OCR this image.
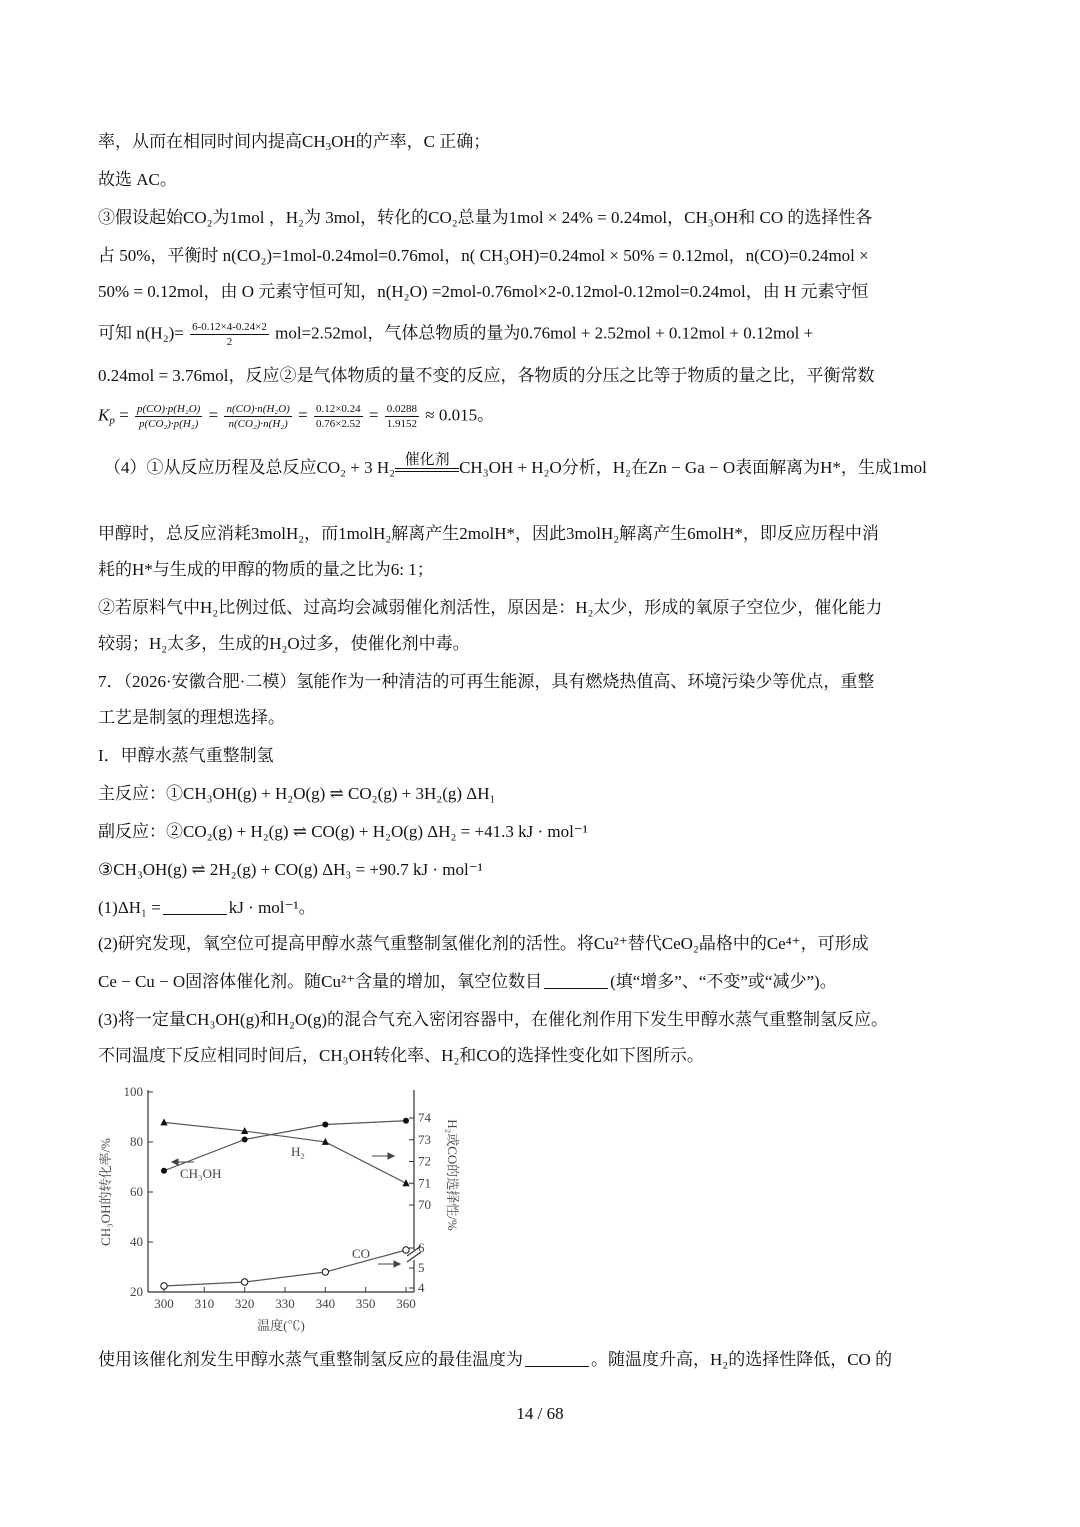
率，从而在相同时间内提高$CH_3OH$的产率，C 正确；
故选 AC。
③假设起始CO₂为1mol ，H₂为 3mol，转化的CO₂总量为1mol × 24% = 0.24mol，CH₃OH和 CO 的选择性各
占 50%，平衡时 n(CO₂)=1mol-0.24mol=0.76mol，n( CH₃OH)=0.24mol × 50% = 0.12mol，n(CO)=0.24mol ×
50% = 0.12mol，由 O 元素守恒可知，n(H₂O) =2mol-0.76mol×2-0.12mol-0.12mol=0.24mol，由 H 元素守恒
可知 $n(H_2)= \frac{6-0.12\times 4-0.24\times 2}{2} mol=2.52mol$，气体总物质的量为0.76mol + 2.52mol + 0.12mol + 0.12mol +
0.24mol = 3.76mol，反应②是气体物质的量不变的反应，各物质的分压之比等于物质的量之比，平衡常数
$K_p = \frac{\text{p(CO)·p(H₂O)}}{\text{p(CO₂)·p(H₂)}} = \frac{\text{n(CO)·n(H₂O)}}{\text{n(CO₂)·n(H₂)}} = \frac{0.12\times 0.24}{0.76\times 2.52} = \frac{0.0288}{1.9152} \approx 0.015$。
（4）①从反应历程及总反应CO₂ + 3 H₂ 催化剂 CH₃OH + H₂O分析，H₂在Zn − Ga − O表面解离为H*，生成1mol
甲醇时，总反应消耗3molH₂，而1molH₂解离产生2molH*，因此3molH₂解离产生6molH*，即反应历程中消
耗的H*与生成的甲醇的物质的量之比为6: 1；
②若原料气中H₂比例过低、过高均会减弱催化剂活性，原因是：H₂太少，形成的氧原子空位少，催化能力
较弱；H₂太多，生成的H₂O过多，使催化剂中毒。
7．（2026·安徽合肥·二模）氢能作为一种清洁的可再生能源，具有燃烧热值高、环境污染少等优点，重整
工艺是制氢的理想选择。
I．甲醇水蒸气重整制氢
主反应：①CH₃OH(g) + H₂O(g) ⇌ CO₂(g) + 3H₂(g) ΔH₁
副反应：②CO₂(g) + H₂(g) ⇌ CO(g) + H₂O(g) ΔH₂ = +41.3 kJ · mol⁻¹
③CH₃OH(g) ⇌ 2H₂(g) + CO(g) ΔH₃ = +90.7 kJ · mol⁻¹
(1)ΔH₁ =	kJ · mol⁻¹。
(2)研究发现，氧空位可提高甲醇水蒸气重整制氢催化剂的活性。将Cu²⁺替代CeO₂晶格中的Ce⁴⁺，可形成
Ce − Cu − O固溶体催化剂。随Cu²⁺含量的增加，氧空位数目	(填“增多”、“不变”或“减少”)。
(3)将一定量CH₃OH(g)和H₂O(g)的混合气充入密闭容器中，在催化剂作用下发生甲醇水蒸气重整制氢反应。
不同温度下反应相同时间后，CH₃OH转化率、H₂和CO的选择性变化如下图所示。
20
40
60
80
100
300 310 320 330 340 350 360
70
71
72
73
74
4
5
6
CH₃OH的转化率/%	H₂或CO的选择性/%
温度(℃)
CH₃OH
H₂
CO
使用该催化剂发生甲醇水蒸气重整制氢反应的最佳温度为	。随温度升高，H₂的选择性降低，CO 的
14 / 68
